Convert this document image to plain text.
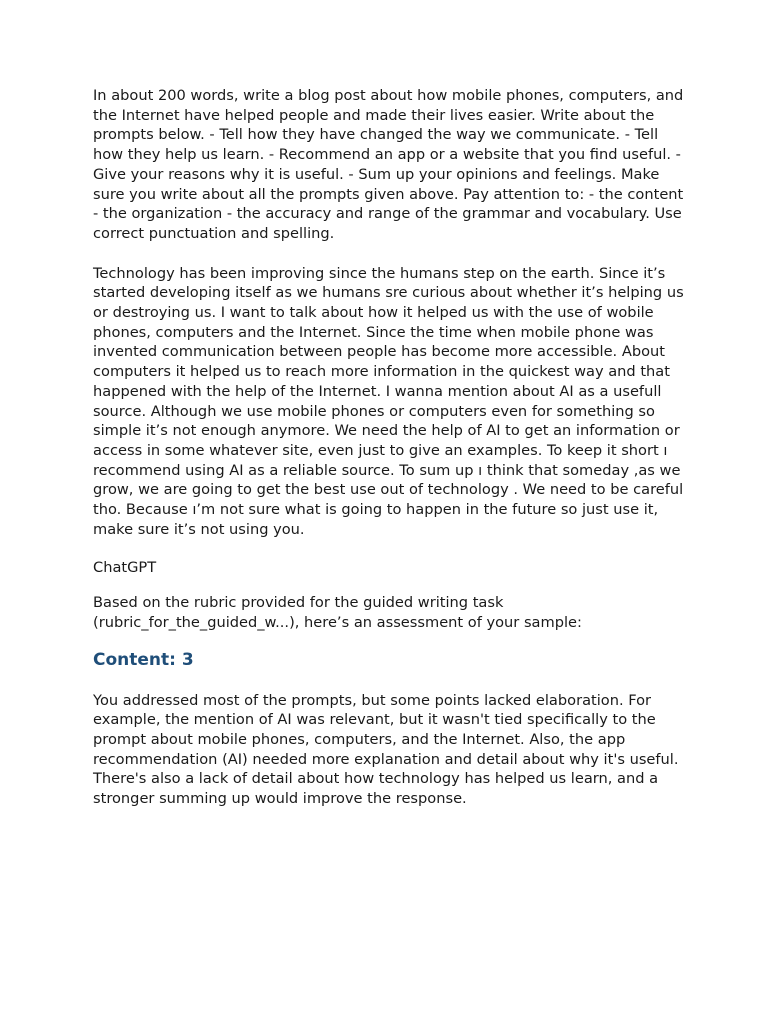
In about 200 words, write a blog post about how mobile phones, computers, and the Internet have helped people and made their lives easier. Write about the prompts below. - Tell how they have changed the way we communicate. - Tell how they help us learn. - Recommend an app or a website that you find useful. - Give your reasons why it is useful. - Sum up your opinions and feelings. Make sure you write about all the prompts given above. Pay attention to: - the content - the organization - the accuracy and range of the grammar and vocabulary. Use correct punctuation and spelling.

Technology has been improving since the humans step on the earth. Since it’s started developing itself as we humans sre curious about whether it’s helping us or destroying us. I want to talk about how it helped us with the use of wobile phones, computers and the Internet. Since the time when mobile phone was invented communication between people has become more accessible. About computers it helped us to reach more information in the quickest way and that happened with the help of the Internet. I wanna mention about AI as a usefull source. Although we use mobile phones or computers even for something so simple it’s not enough anymore. We need the help of AI to get an information or access in some whatever site, even just to give an examples. To keep it short ı recommend using AI as a reliable source. To sum up ı think that someday ,as we grow, we are going to get the best use out of technology . We need to be careful tho. Because ı’m not sure what is going to happen in the future so just use it, make sure it’s not using you.

ChatGPT

Based on the rubric provided for the guided writing task (rubric_for_the_guided_w...), here’s an assessment of your sample:

Content: 3

You addressed most of the prompts, but some points lacked elaboration. For example, the mention of AI was relevant, but it wasn't tied specifically to the prompt about mobile phones, computers, and the Internet. Also, the app recommendation (AI) needed more explanation and detail about why it's useful. There's also a lack of detail about how technology has helped us learn, and a stronger summing up would improve the response.
